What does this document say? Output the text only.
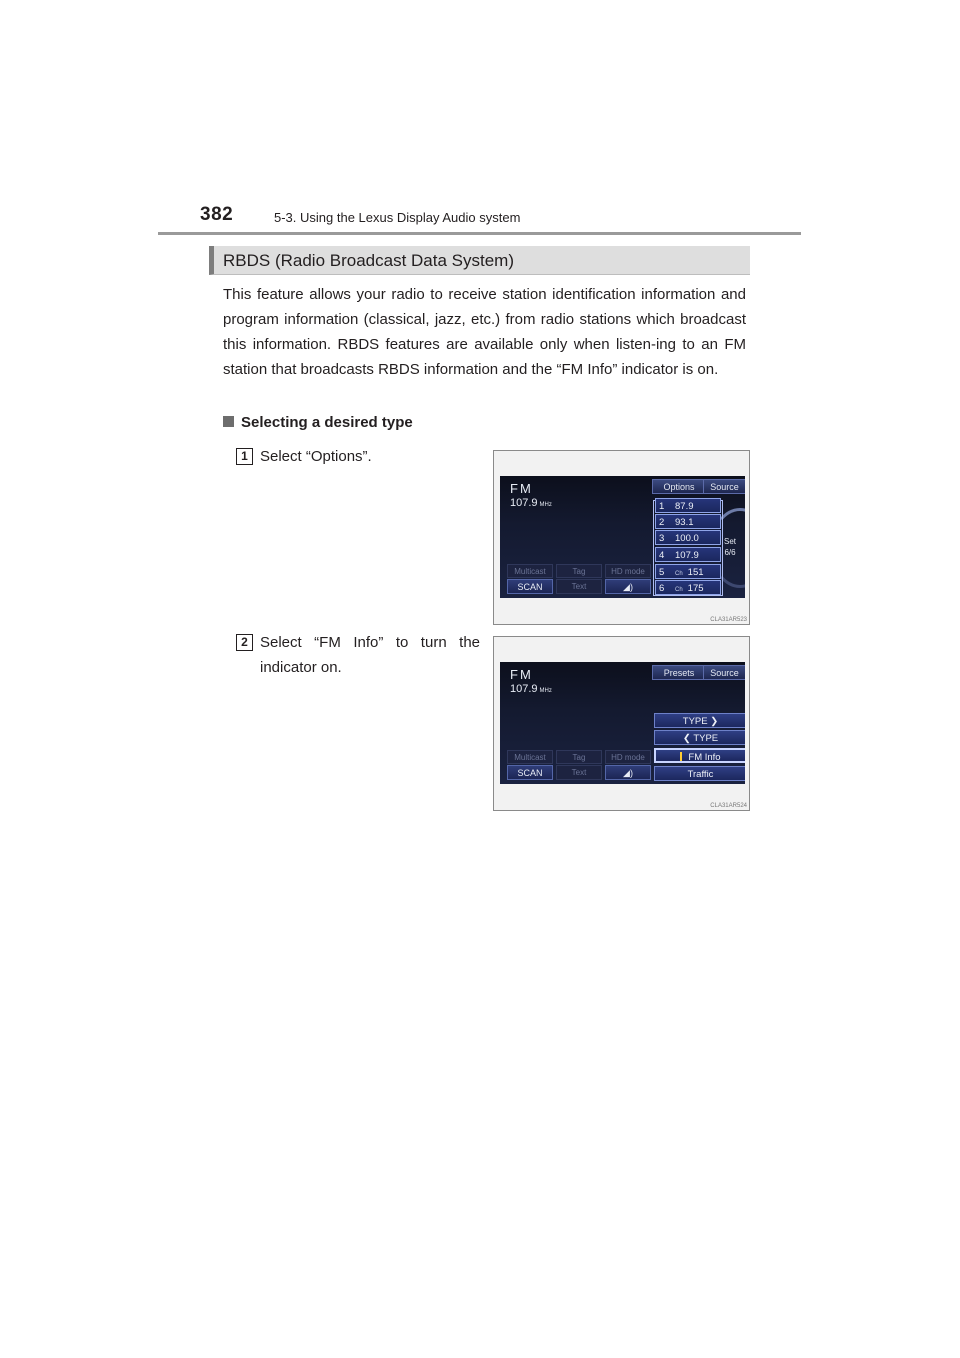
382	5-3. Using the Lexus Display Audio system
RBDS (Radio Broadcast Data System)

This feature allows your radio to receive station identification information and program information (classical, jazz, etc.) from radio stations which broadcast this information. RBDS features are available only when listen-ing to an FM station that broadcasts RBDS information and the “FM Info” indicator is on.

Selecting a desired type
1 Select “Options”.
FM
107.9 MHz
Options	Source
Set
6/6
1 87.9
2 93.1
3 100.0
4 107.9
5 Ch 151
6 Ch 175
Multicast	Tag	HD mode
SCAN	Text	◢)
CLA31AR523
2 Select “FM Info” to turn the indicator on.	FM
107.9 MHz
Presets	Source
TYPE ❯
❮ TYPE
FM Info
Traffic
Multicast	Tag	HD mode
SCAN	Text	◢)
CLA31AR524
